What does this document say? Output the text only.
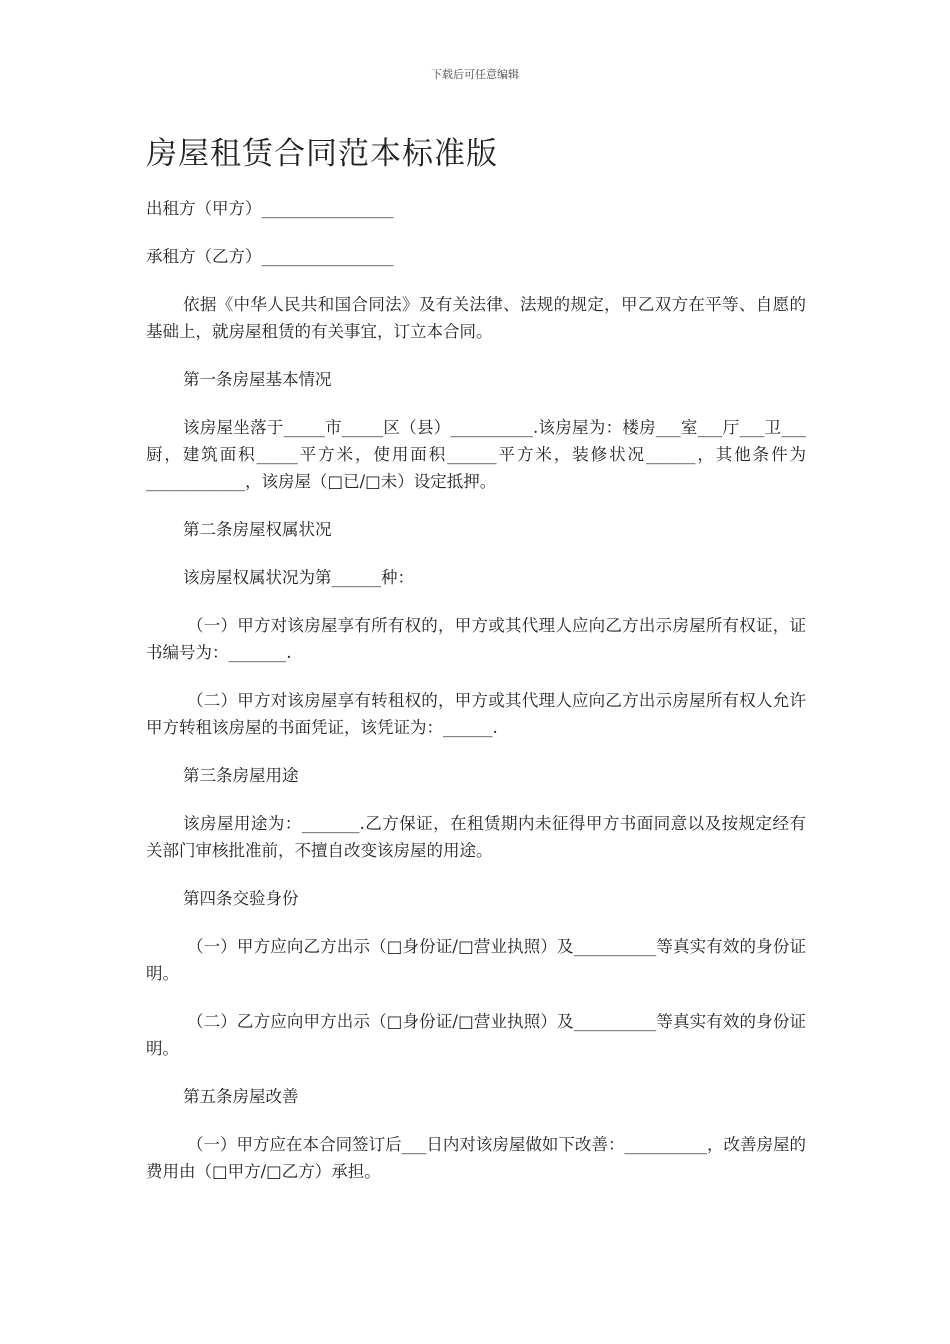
下载后可任意编辑
房屋租赁合同范本标准版

出租方（甲方）________________

承租方（乙方）________________

依据《中华人民共和国合同法》及有关法律、法规的规定，甲乙双方在平等、自愿的基础上，就房屋租赁的有关事宜，订立本合同。

第一条房屋基本情况

该房屋坐落于_____市_____区（县）__________.该房屋为：楼房___室___厅___卫___厨，建筑面积_____平方米，使用面积______平方米，装修状况______，其他条件为____________，该房屋（□已/□未）设定抵押。

第二条房屋权属状况

该房屋权属状况为第______种：

（一）甲方对该房屋享有所有权的，甲方或其代理人应向乙方出示房屋所有权证，证书编号为：_______.

（二）甲方对该房屋享有转租权的，甲方或其代理人应向乙方出示房屋所有权人允许甲方转租该房屋的书面凭证，该凭证为：______.

第三条房屋用途

该房屋用途为：_______.乙方保证，在租赁期内未征得甲方书面同意以及按规定经有关部门审核批准前，不擅自改变该房屋的用途。

第四条交验身份

（一）甲方应向乙方出示（□身份证/□营业执照）及__________等真实有效的身份证明。

（二）乙方应向甲方出示（□身份证/□营业执照）及__________等真实有效的身份证明。

第五条房屋改善

（一）甲方应在本合同签订后___日内对该房屋做如下改善：__________，改善房屋的费用由（□甲方/□乙方）承担。
